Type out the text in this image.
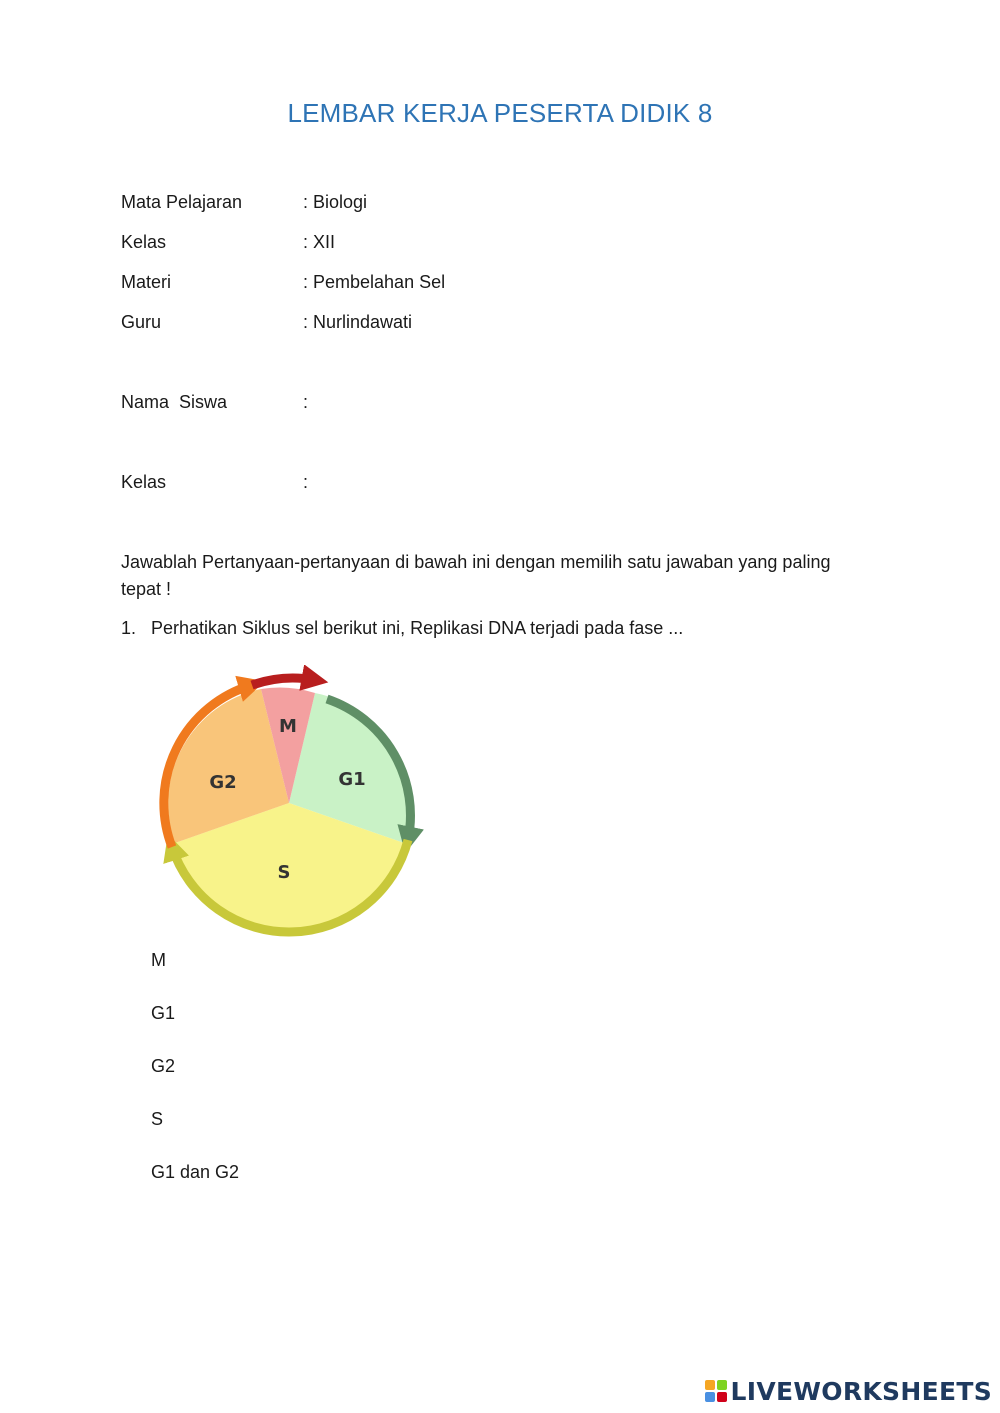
LEMBAR KERJA PESERTA DIDIK 8
Mata Pelajaran	: Biologi
Kelas	: XII
Materi	: Pembelahan Sel
Guru	: Nurlindawati
Nama  Siswa	:
Kelas	:
Jawablah Pertanyaan-pertanyaan di bawah ini dengan memilih satu jawaban yang paling tepat !
1. Perhatikan Siklus sel berikut ini, Replikasi DNA terjadi pada fase ...
M
G1
G2
S
M
G1
G2
S
G1 dan G2
LIVEWORKSHEETS
